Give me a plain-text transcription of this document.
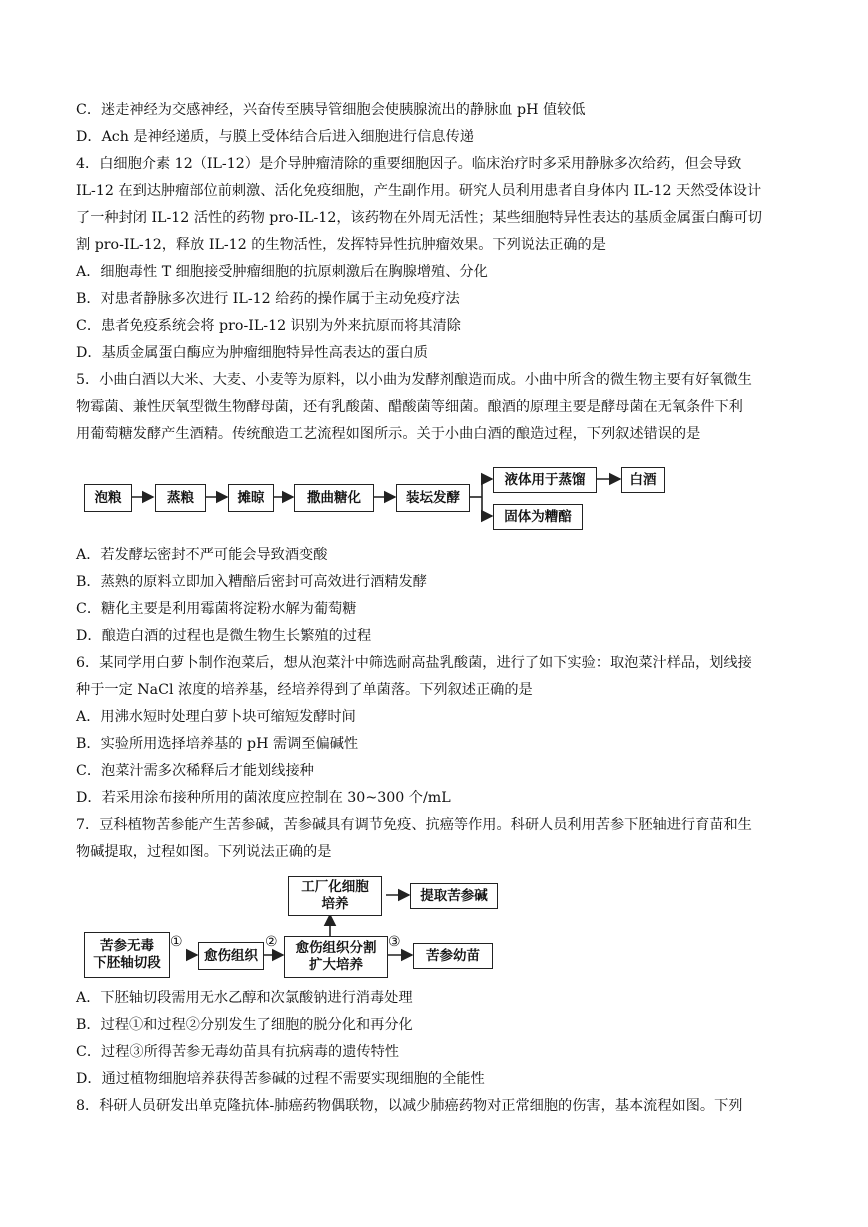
C．迷走神经为交感神经，兴奋传至胰导管细胞会使胰腺流出的静脉血 pH 值较低
D．Ach 是神经递质，与膜上受体结合后进入细胞进行信息传递
4．白细胞介素 12（IL-12）是介导肿瘤清除的重要细胞因子。临床治疗时多采用静脉多次给药，但会导致
IL-12 在到达肿瘤部位前刺激、活化免疫细胞，产生副作用。研究人员利用患者自身体内 IL-12 天然受体设计
了一种封闭 IL-12 活性的药物 pro-IL-12，该药物在外周无活性；某些细胞特异性表达的基质金属蛋白酶可切
割 pro-IL-12，释放 IL-12 的生物活性，发挥特异性抗肿瘤效果。下列说法正确的是
A．细胞毒性 T 细胞接受肿瘤细胞的抗原刺激后在胸腺增殖、分化
B．对患者静脉多次进行 IL-12 给药的操作属于主动免疫疗法
C．患者免疫系统会将 pro-IL-12 识别为外来抗原而将其清除
D．基质金属蛋白酶应为肿瘤细胞特异性高表达的蛋白质
5．小曲白酒以大米、大麦、小麦等为原料，以小曲为发酵剂酿造而成。小曲中所含的微生物主要有好氧微生
物霉菌、兼性厌氧型微生物酵母菌，还有乳酸菌、醋酸菌等细菌。酿酒的原理主要是酵母菌在无氧条件下利
用葡萄糖发酵产生酒精。传统酿造工艺流程如图所示。关于小曲白酒的酿造过程，下列叙述错误的是
泡粮	蒸粮	摊晾	撒曲糖化	装坛发酵
液体用于蒸馏	白酒
固体为糟醅
A．若发酵坛密封不严可能会导致酒变酸
B．蒸熟的原料立即加入糟醅后密封可高效进行酒精发酵
C．糖化主要是利用霉菌将淀粉水解为葡萄糖
D．酿造白酒的过程也是微生物生长繁殖的过程
6．某同学用白萝卜制作泡菜后，想从泡菜汁中筛选耐高盐乳酸菌，进行了如下实验：取泡菜汁样品，划线接
种于一定 NaCl 浓度的培养基，经培养得到了单菌落。下列叙述正确的是
A．用沸水短时处理白萝卜块可缩短发酵时间
B．实验所用选择培养基的 pH 需调至偏碱性
C．泡菜汁需多次稀释后才能划线接种
D．若采用涂布接种所用的菌浓度应控制在 30~300 个/mL
7．豆科植物苦参能产生苦参碱，苦参碱具有调节免疫、抗癌等作用。科研人员利用苦参下胚轴进行育苗和生
物碱提取，过程如图。下列说法正确的是
苦参无毒
下胚轴切段
①
愈伤组织
②	愈伤组织分割
扩大培养
工厂化细胞
培养
提取苦参碱
③
苦参幼苗
A．下胚轴切段需用无水乙醇和次氯酸钠进行消毒处理
B．过程①和过程②分别发生了细胞的脱分化和再分化
C．过程③所得苦参无毒幼苗具有抗病毒的遗传特性
D．通过植物细胞培养获得苦参碱的过程不需要实现细胞的全能性
8．科研人员研发出单克隆抗体-肺癌药物偶联物，以减少肺癌药物对正常细胞的伤害，基本流程如图。下列
